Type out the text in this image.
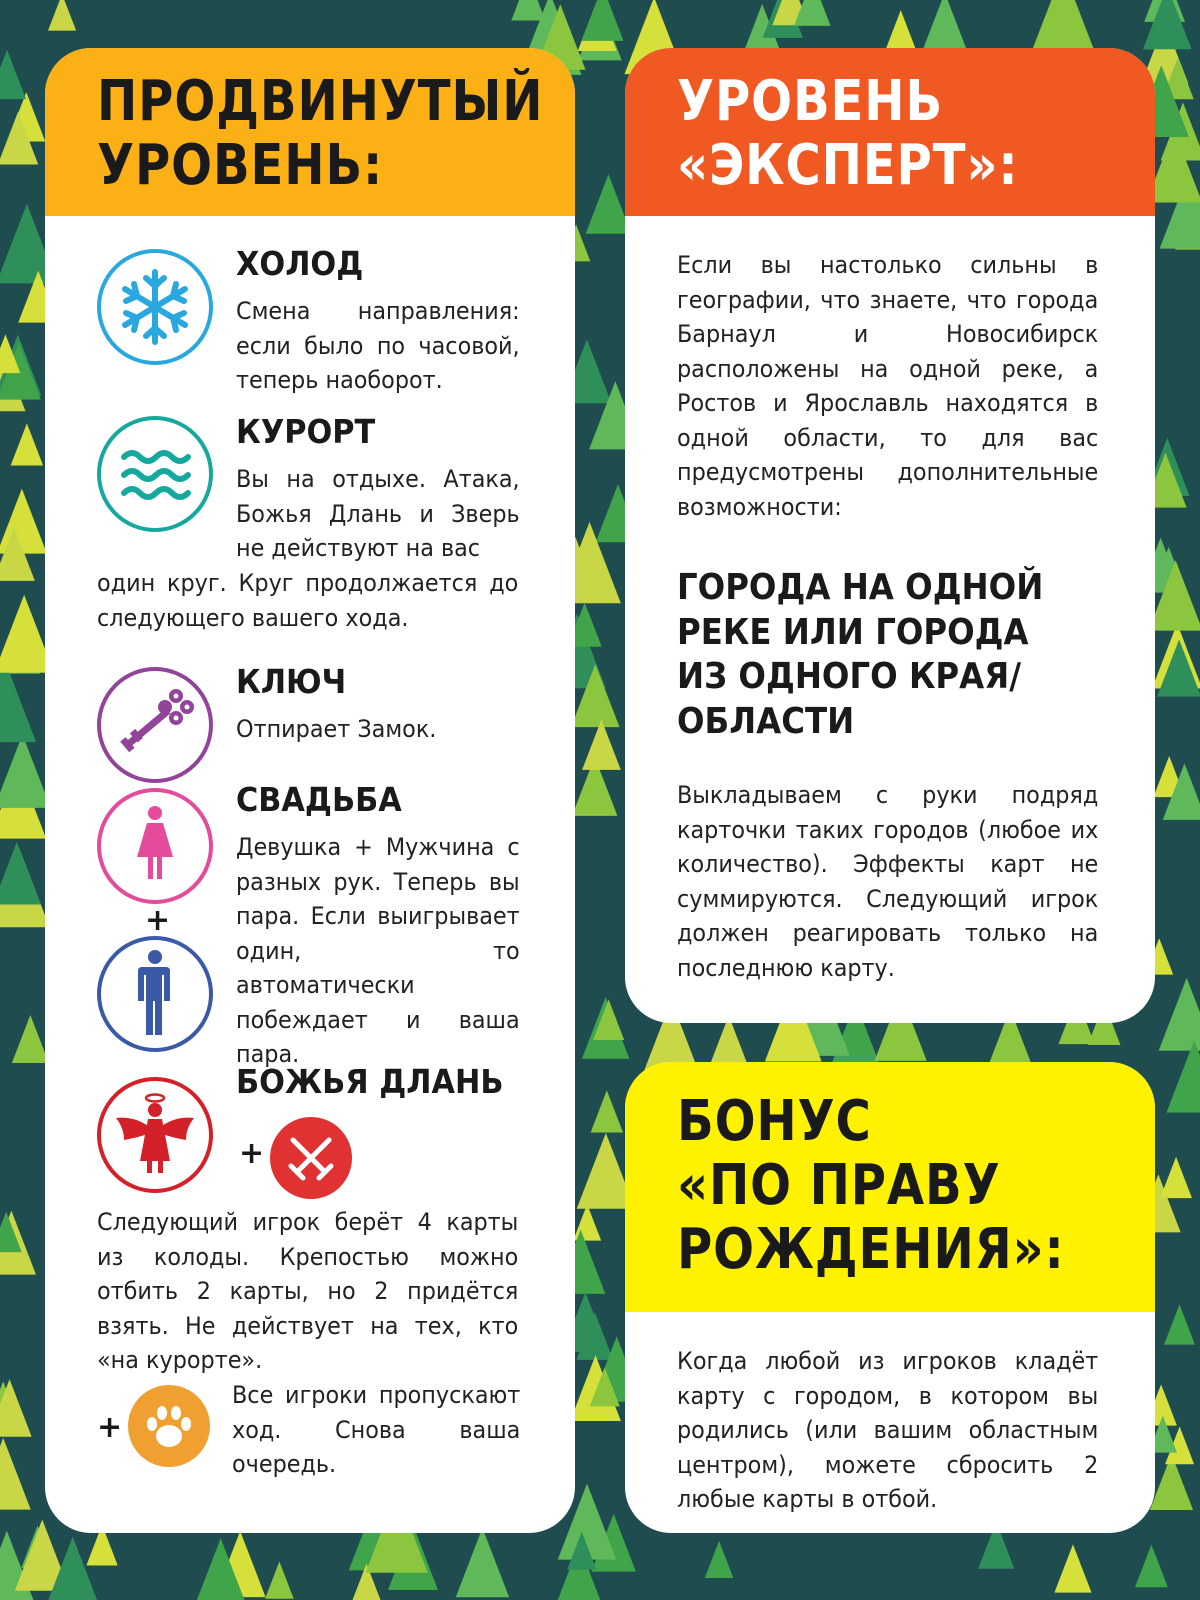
ПРОДВИНУТЫЙ
УРОВЕНЬ:
ХОЛОД

Смена направления: если было по часовой, теперь наоборот.

КУРОРТ

Вы на отдыхе. Атака, Божья Длань и Зверь не действуют на вас

один круг. Круг продолжается до следующего вашего хода.

КЛЮЧ

Отпирает Замок.

+
СВАДЬБА

Девушка + Мужчина с разных рук. Теперь вы пара. Если выигрывает один, то автоматически побеждает и ваша пара.

БОЖЬЯ ДЛАНЬ
+

Следующий игрок берёт 4 карты из колоды. Крепостью можно отбить 2 карты, но 2 придётся взять. Не действует на тех, кто «на курорте».

+

Все игроки пропускают ход. Снова ваша очередь.

УРОВЕНЬ
«ЭКСПЕРТ»:

Если вы настолько сильны в географии, что знаете, что города Барнаул и Новосибирск расположены на одной реке, а Ростов и Ярославль находятся в одной области, то для вас предусмотрены дополнительные возможности:

ГОРОДА НА ОДНОЙ
РЕКЕ ИЛИ ГОРОДА
ИЗ ОДНОГО КРАЯ/
ОБЛАСТИ

Выкладываем с руки подряд карточки таких городов (любое их количество). Эффекты карт не суммируются. Следующий игрок должен реагировать только на последнюю карту.

БОНУС
«ПО ПРАВУ
РОЖДЕНИЯ»:

Когда любой из игроков кладёт карту с городом, в котором вы родились (или вашим областным центром), можете сбросить 2 любые карты в отбой.
